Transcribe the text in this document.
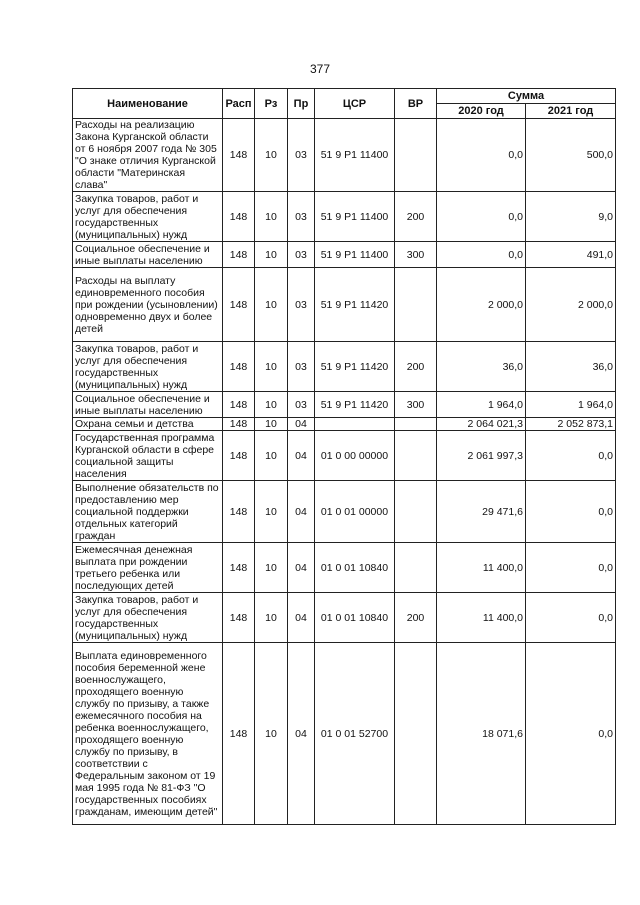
377
Наименование	Расп	Рз	Пр	ЦСР	ВР	Сумма	
						2020 год	2021 год
Расходы на реализацию Закона Курганской области от 6 ноября 2007 года № 305 "О знаке отличия Курганской области "Материнская слава"	148	10	03	51 9 P1 11400		0,0	500,0
Закупка товаров, работ и услуг для обеспечения государственных (муниципальных) нужд	148	10	03	51 9 P1 11400	200	0,0	9,0
Социальное обеспечение и иные выплаты населению	148	10	03	51 9 P1 11400	300	0,0	491,0
Расходы на выплату единовременного пособия при рождении (усыновлении) одновременно двух и более детей	148	10	03	51 9 P1 11420		2 000,0	2 000,0
Закупка товаров, работ и услуг для обеспечения государственных (муниципальных) нужд	148	10	03	51 9 P1 11420	200	36,0	36,0
Социальное обеспечение и иные выплаты населению	148	10	03	51 9 P1 11420	300	1 964,0	1 964,0
Охрана семьи и детства	148	10	04			2 064 021,3	2 052 873,1
Государственная программа Курганской области в сфере социальной защиты населения	148	10	04	01 0 00 00000		2 061 997,3	0,0
Выполнение обязательств по предоставлению мер социальной поддержки отдельных категорий граждан	148	10	04	01 0 01 00000		29 471,6	0,0
Ежемесячная денежная выплата при рождении третьего ребенка или последующих детей	148	10	04	01 0 01 10840		11 400,0	0,0
Закупка товаров, работ и услуг для обеспечения государственных (муниципальных) нужд	148	10	04	01 0 01 10840	200	11 400,0	0,0
Выплата единовременного пособия беременной жене военнослужащего, проходящего военную службу по призыву, а также ежемесячного пособия на ребенка военнослужащего, проходящего военную службу по призыву, в соответствии с Федеральным законом от 19 мая 1995 года № 81-ФЗ "О государственных пособиях гражданам, имеющим детей"	148	10	04	01 0 01 52700		18 071,6	0,0
